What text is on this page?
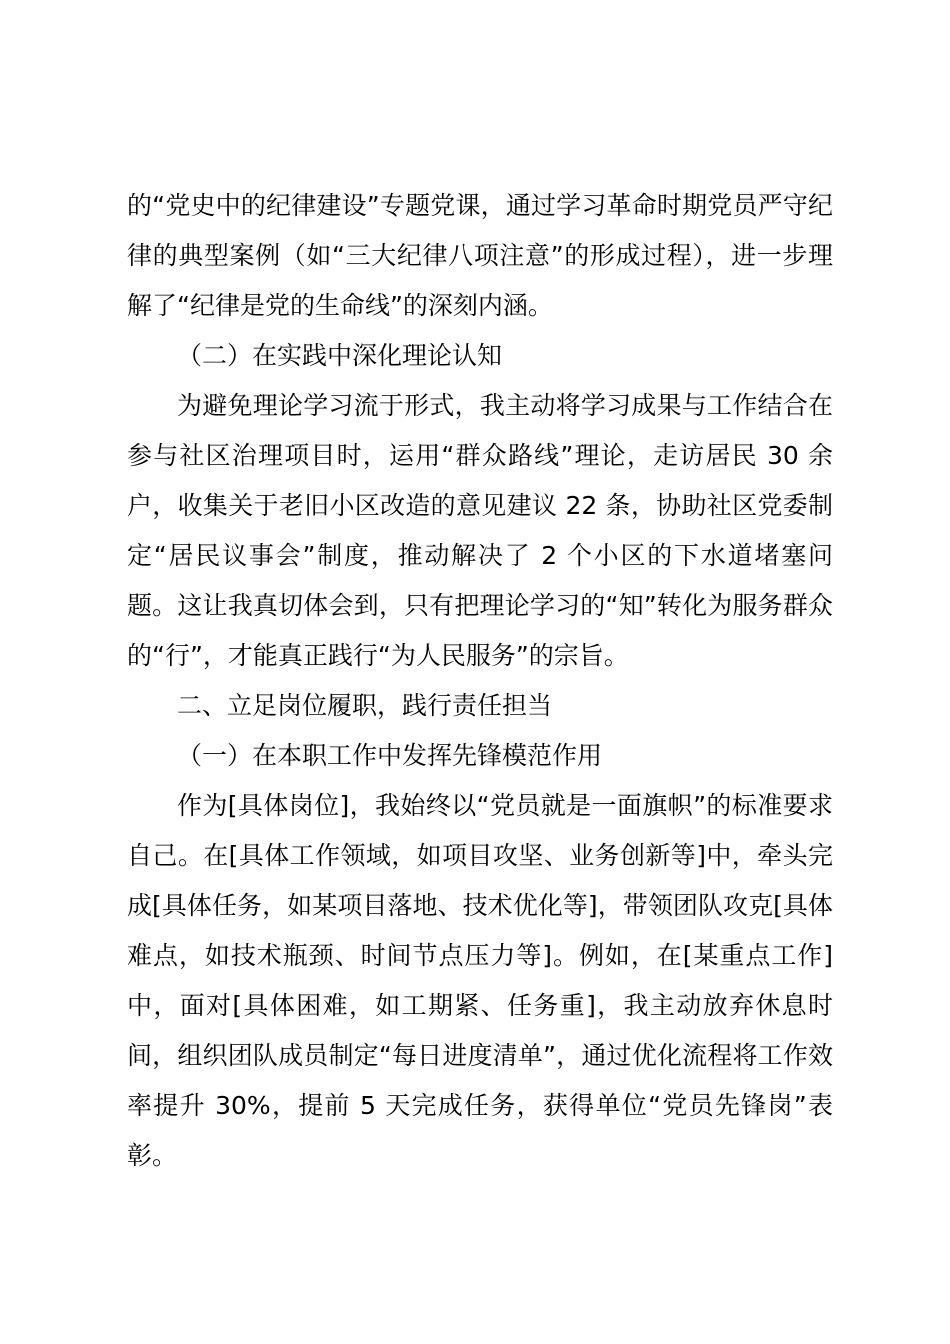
的“党史中的纪律建设”专题党课，通过学习革命时期党员严守纪律的典型案例（如“三大纪律八项注意”的形成过程），进一步理解了“纪律是党的生命线”的深刻内涵。

（二）在实践中深化理论认知

为避免理论学习流于形式，我主动将学习成果与工作结合在参与社区治理项目时，运用“群众路线”理论，走访居民 30 余户，收集关于老旧小区改造的意见建议 22 条，协助社区党委制定“居民议事会”制度，推动解决了 2 个小区的下水道堵塞问题。这让我真切体会到，只有把理论学习的“知”转化为服务群众的“行”，才能真正践行“为人民服务”的宗旨。

二、立足岗位履职，践行责任担当

（一）在本职工作中发挥先锋模范作用

作为[具体岗位]，我始终以“党员就是一面旗帜”的标准要求自己。在[具体工作领域，如项目攻坚、业务创新等]中，牵头完成[具体任务，如某项目落地、技术优化等]，带领团队攻克[具体难点，如技术瓶颈、时间节点压力等]。例如，在[某重点工作]中，面对[具体困难，如工期紧、任务重]，我主动放弃休息时间，组织团队成员制定“每日进度清单”，通过优化流程将工作效率提升 30%，提前 5 天完成任务，获得单位“党员先锋岗”表彰。
